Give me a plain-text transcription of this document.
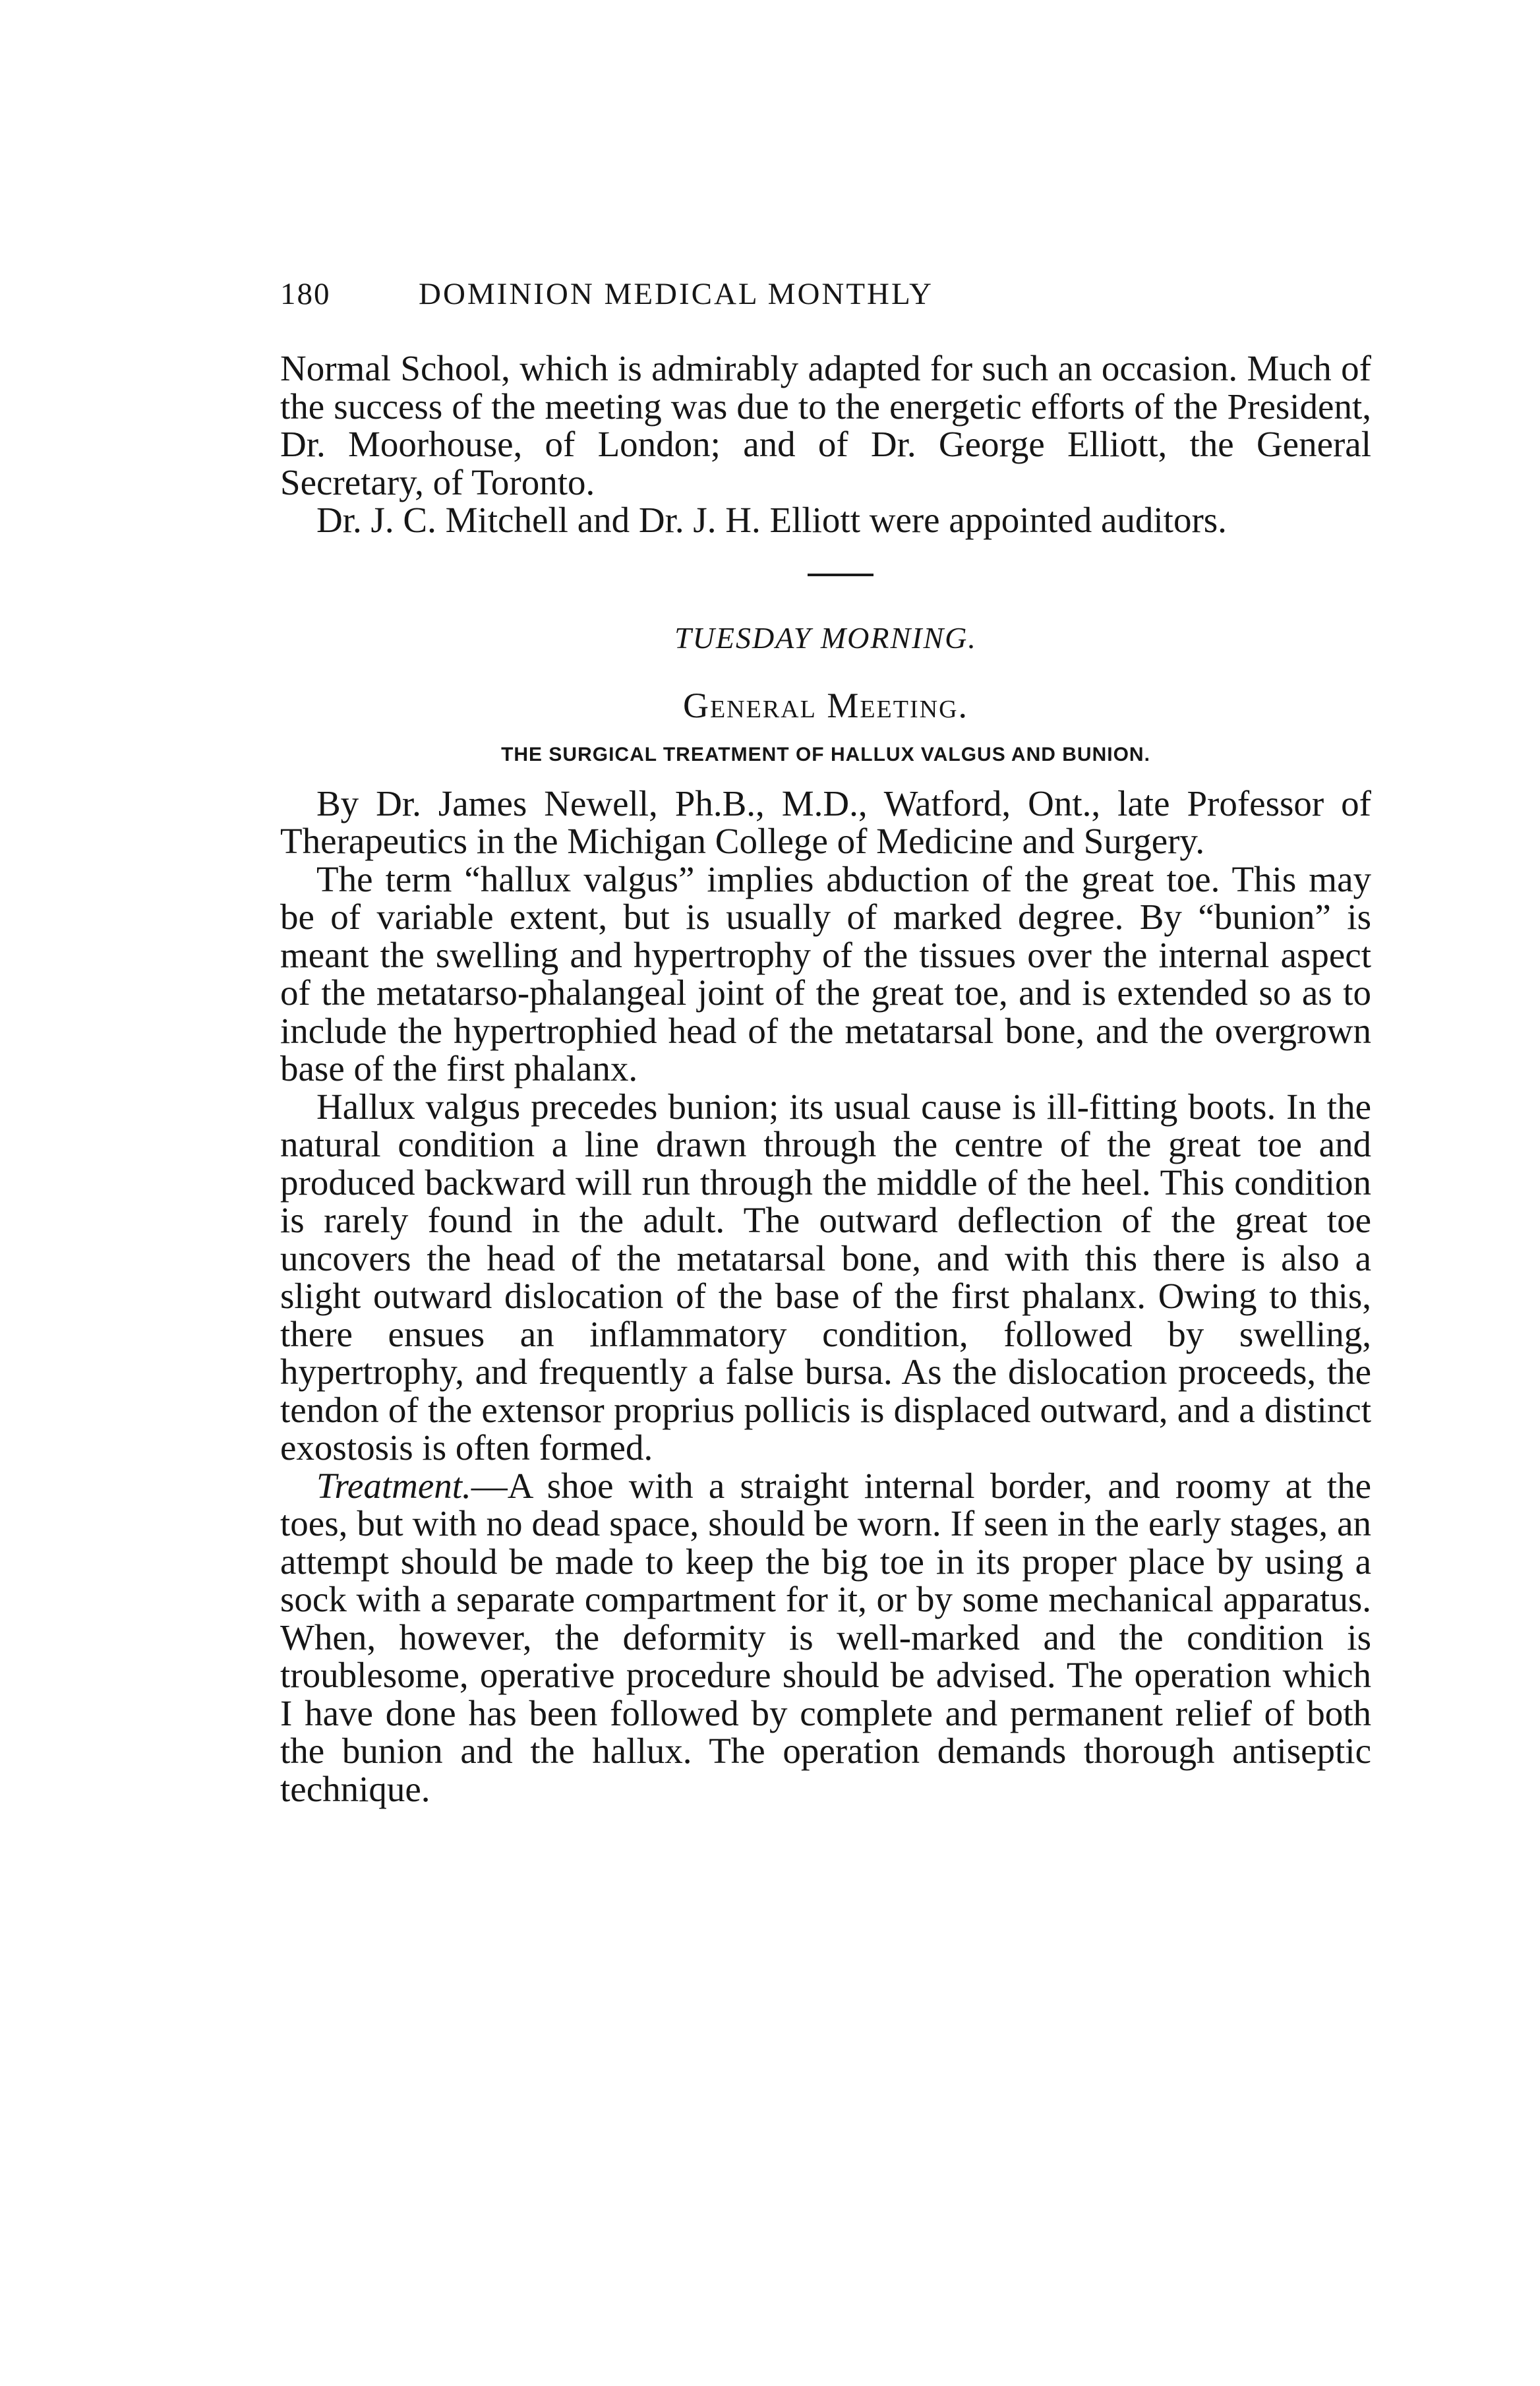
180	DOMINION MEDICAL MONTHLY

Normal School, which is admirably adapted for such an occasion. Much of the success of the meeting was due to the energetic efforts of the President, Dr. Moorhouse, of London; and of Dr. George Elliott, the General Secretary, of Toronto.

Dr. J. C. Mitchell and Dr. J. H. Elliott were appointed auditors.

TUESDAY MORNING.
General Meeting.
THE SURGICAL TREATMENT OF HALLUX VALGUS AND BUNION.

By Dr. James Newell, Ph.B., M.D., Watford, Ont., late Professor of Therapeutics in the Michigan College of Medicine and Surgery.

The term “hallux valgus” implies abduction of the great toe. This may be of variable extent, but is usually of marked degree. By “bunion” is meant the swelling and hypertrophy of the tissues over the internal aspect of the metatarso-phalangeal joint of the great toe, and is extended so as to include the hypertrophied head of the metatarsal bone, and the overgrown base of the first phalanx.

Hallux valgus precedes bunion; its usual cause is ill-fitting boots. In the natural condition a line drawn through the centre of the great toe and produced backward will run through the middle of the heel. This condition is rarely found in the adult. The outward deflection of the great toe uncovers the head of the metatarsal bone, and with this there is also a slight outward dislocation of the base of the first phalanx. Owing to this, there ensues an inflammatory condition, followed by swelling, hypertrophy, and frequently a false bursa. As the dislocation proceeds, the tendon of the extensor proprius pollicis is displaced outward, and a distinct exostosis is often formed.

Treatment.—A shoe with a straight internal border, and roomy at the toes, but with no dead space, should be worn. If seen in the early stages, an attempt should be made to keep the big toe in its proper place by using a sock with a separate compartment for it, or by some mechanical apparatus. When, however, the deformity is well-marked and the condition is troublesome, operative procedure should be advised. The operation which I have done has been followed by complete and permanent relief of both the bunion and the hallux. The operation demands thorough antiseptic technique.
